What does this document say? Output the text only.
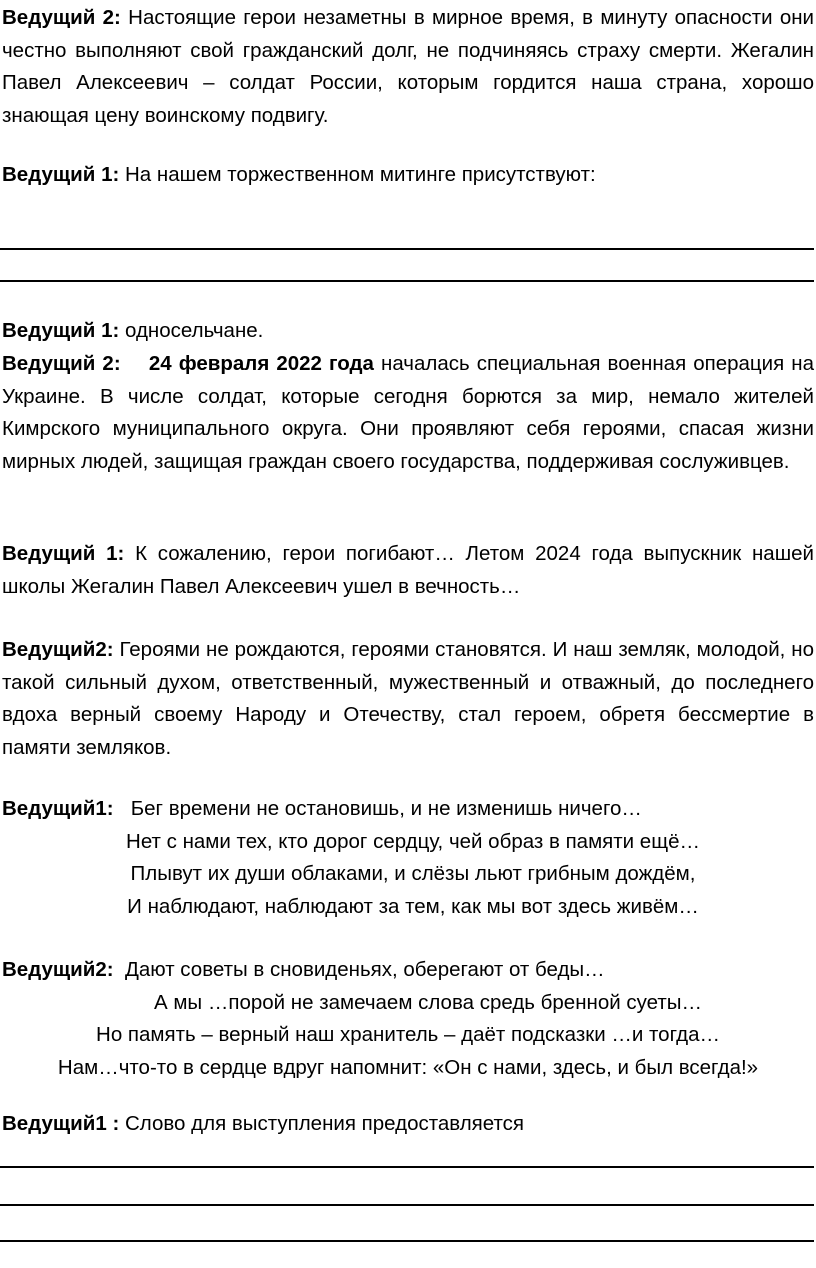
Ведущий 2: Настоящие герои незаметны в мирное время, в минуту опасности они честно выполняют свой гражданский долг, не подчиняясь страху смерти. Жегалин Павел Алексеевич – солдат России, которым гордится наша страна, хорошо знающая цену воинскому подвигу.

Ведущий 1: На нашем торжественном митинге присутствуют:

Ведущий 1: односельчане.

Ведущий 2: 24 февраля 2022 года началась специальная военная операция на Украине. В числе солдат, которые сегодня борются за мир, немало жителей Кимрского муниципального округа. Они проявляют себя героями, спасая жизни мирных людей, защищая граждан своего государства, поддерживая сослуживцев.

Ведущий 1: К сожалению, герои погибают… Летом 2024 года выпускник нашей школы Жегалин Павел Алексеевич ушел в вечность…

Ведущий2: Героями не рождаются, героями становятся. И наш земляк, молодой, но такой сильный духом, ответственный, мужественный и отважный, до последнего вдоха верный своему Народу и Отечеству, стал героем, обретя бессмертие в памяти земляков.

Ведущий1: Бег времени не остановишь, и не изменишь ничего…
Нет с нами тех, кто дорог сердцу, чей образ в памяти ещё…
Плывут их души облаками, и слёзы льют грибным дождём,
И наблюдают, наблюдают за тем, как мы вот здесь живём…
Ведущий2: Дают советы в сновиденьях, оберегают от беды…
А мы …порой не замечаем слова средь бренной суеты…
Но память – верный наш хранитель – даёт подсказки …и тогда…
Нам…что-то в сердце вдруг напомнит: «Он с нами, здесь, и был всегда!»

Ведущий1 : Слово для выступления предоставляется
